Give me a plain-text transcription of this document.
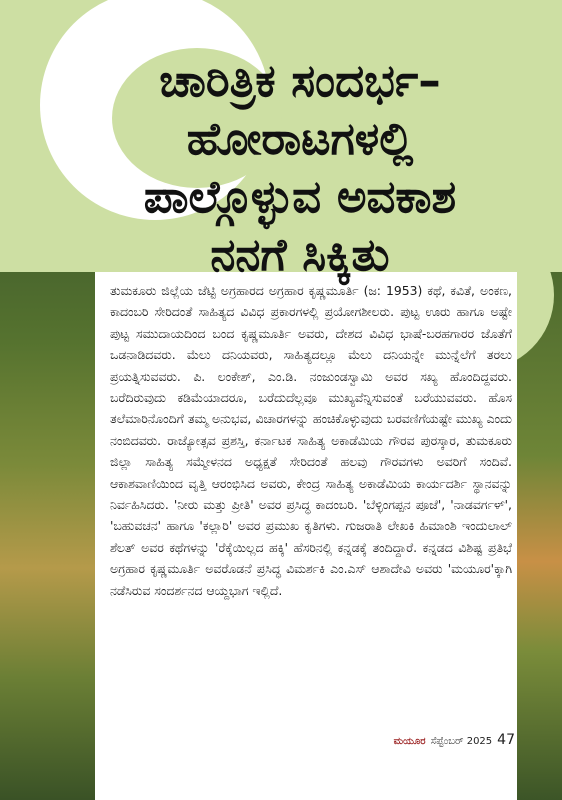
ಚಾರಿತ್ರಿಕ ಸಂದರ್ಭ–ಹೋರಾಟಗಳಲ್ಲಿ ಪಾಲ್ಗೊಳ್ಳುವ ಅವಕಾಶ ನನಗೆ ಸಿಕ್ಕಿತು

ತುಮಕೂರು ಜಿಲ್ಲೆಯ ಜೆಟ್ಟಿ ಅಗ್ರಹಾರದ ಅಗ್ರಹಾರ ಕೃಷ್ಣಮೂರ್ತಿ (ಜ: 1953) ಕಥೆ, ಕವಿತೆ, ಅಂಕಣ, ಕಾದಂಬರಿ ಸೇರಿದಂತೆ ಸಾಹಿತ್ಯದ ವಿವಿಧ ಪ್ರಕಾರಗಳಲ್ಲಿ ಪ್ರಯೋಗಶೀಲರು. ಪುಟ್ಟ ಊರು ಹಾಗೂ ಅಷ್ಟೇ ಪುಟ್ಟ ಸಮುದಾಯದಿಂದ ಬಂದ ಕೃಷ್ಣಮೂರ್ತಿ ಅವರು, ದೇಶದ ವಿವಿಧ ಭಾಷೆ-ಬರಹಗಾರರ ಜೊತೆಗೆ ಒಡನಾಡಿದವರು. ಮೆಲು ದನಿಯವರು, ಸಾಹಿತ್ಯದಲ್ಲೂ ಮೆಲು ದನಿಯನ್ನೇ ಮುನ್ನೆಲೆಗೆ ತರಲು ಪ್ರಯತ್ನಿಸುವವರು. ಪಿ. ಲಂಕೇಶ್, ಎಂ.ಡಿ. ನಂಜುಂಡಸ್ವಾಮಿ ಅವರ ಸಖ್ಯ ಹೊಂದಿದ್ದವರು. ಬರೆದಿರುವುದು ಕಡಿಮೆಯಾದರೂ, ಬರೆದುದೆಲ್ಲವೂ ಮುಖ್ಯವೆನ್ನಿಸುವಂತೆ ಬರೆಯುವವರು. ಹೊಸ ತಲೆಮಾರಿನೊಂದಿಗೆ ತಮ್ಮ ಅನುಭವ, ವಿಚಾರಗಳನ್ನು ಹಂಚಿಕೊಳ್ಳುವುದು ಬರವಣಿಗೆಯಷ್ಟೇ ಮುಖ್ಯ ಎಂದು ನಂಬಿದವರು. ರಾಜ್ಯೋತ್ಸವ ಪ್ರಶಸ್ತಿ, ಕರ್ನಾಟಕ ಸಾಹಿತ್ಯ ಅಕಾಡೆಮಿಯ ಗೌರವ ಪುರಸ್ಕಾರ, ತುಮಕೂರು ಜಿಲ್ಲಾ ಸಾಹಿತ್ಯ ಸಮ್ಮೇಳನದ ಅಧ್ಯಕ್ಷತೆ ಸೇರಿದಂತೆ ಹಲವು ಗೌರವಗಳು ಅವರಿಗೆ ಸಂದಿವೆ. ಆಕಾಶವಾಣಿಯಿಂದ ವೃತ್ತಿ ಆರಂಭಿಸಿದ ಅವರು, ಕೇಂದ್ರ ಸಾಹಿತ್ಯ ಅಕಾಡೆಮಿಯ ಕಾರ್ಯದರ್ಶಿ ಸ್ಥಾನವನ್ನು ನಿರ್ವಹಿಸಿದರು. 'ನೀರು ಮತ್ತು ಪ್ರೀತಿ' ಅವರ ಪ್ರಸಿದ್ಧ ಕಾದಂಬರಿ. 'ಬೆಳ್ಳಿಂಗಪ್ಪನ ಪೂಜೆ', 'ನಾಡವರ್ಗಳ್', 'ಬಹುವಚನ' ಹಾಗೂ 'ಕಲ್ಲಾರಿ' ಅವರ ಪ್ರಮುಖ ಕೃತಿಗಳು. ಗುಜರಾತಿ ಲೇಖಕಿ ಹಿಮಾಂಶಿ ಇಂದುಲಾಲ್ ಶೆಲತ್ ಅವರ ಕಥೆಗಳನ್ನು 'ರೆಕ್ಕೆಯಿಲ್ಲದ ಹಕ್ಕಿ' ಹೆಸರಿನಲ್ಲಿ ಕನ್ನಡಕ್ಕೆ ತಂದಿದ್ದಾರೆ. ಕನ್ನಡದ ವಿಶಿಷ್ಟ ಪ್ರತಿಭೆ ಅಗ್ರಹಾರ ಕೃಷ್ಣಮೂರ್ತಿ ಅವರೊಡನೆ ಪ್ರಸಿದ್ಧ ವಿಮರ್ಶಕಿ ಎಂ.ಎಸ್ ಆಶಾದೇವಿ ಅವರು 'ಮಯೂರ'ಕ್ಕಾಗಿ ನಡೆಸಿರುವ ಸಂದರ್ಶನದ ಆಯ್ದಭಾಗ ಇಲ್ಲಿದೆ.

ಮಯೂರ ಸೆಪ್ಟೆಂಬರ್ 2025 47
